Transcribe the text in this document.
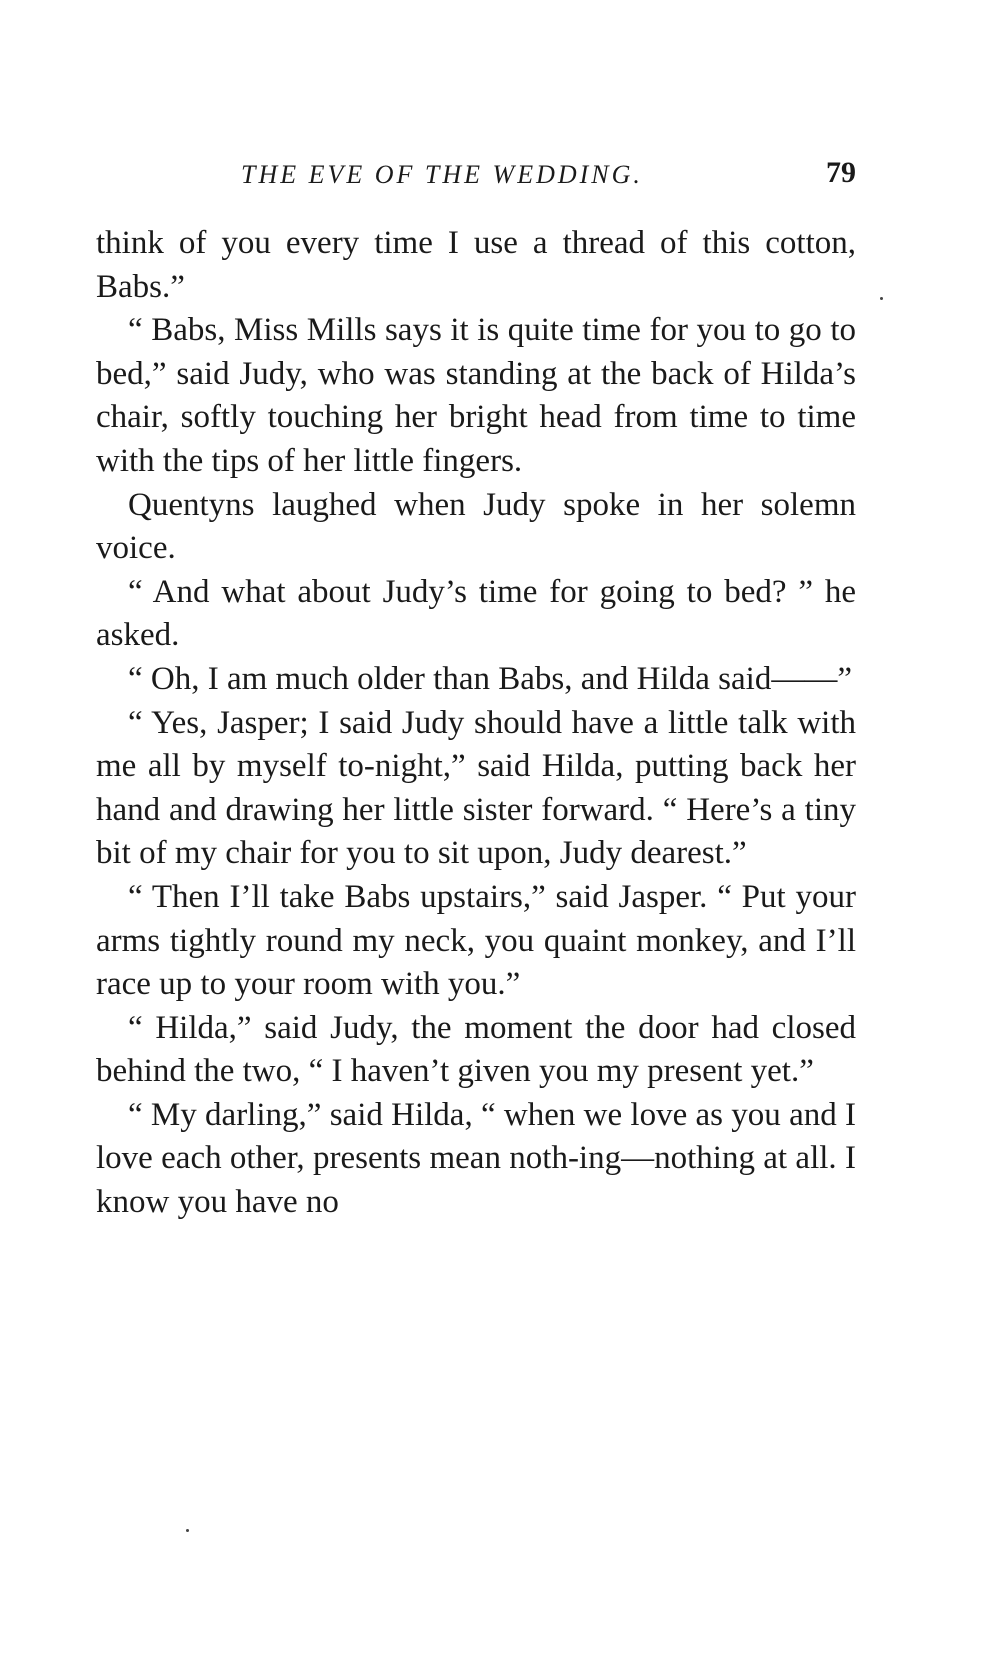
THE EVE OF THE WEDDING.	79

think of you every time I use a thread of this cotton, Babs.”

“ Babs, Miss Mills says it is quite time for you to go to bed,” said Judy, who was standing at the back of Hilda’s chair, softly touching her bright head from time to time with the tips of her little fingers.

Quentyns laughed when Judy spoke in her solemn voice.

“ And what about Judy’s time for going to bed? ” he asked.

“ Oh, I am much older than Babs, and Hilda said——”

“ Yes, Jasper; I said Judy should have a little talk with me all by myself to-night,” said Hilda, putting back her hand and drawing her little sister forward. “ Here’s a tiny bit of my chair for you to sit upon, Judy dearest.”

“ Then I’ll take Babs upstairs,” said Jasper. “ Put your arms tightly round my neck, you quaint monkey, and I’ll race up to your room with you.”

“ Hilda,” said Judy, the moment the door had closed behind the two, “ I haven’t given you my present yet.”

“ My darling,” said Hilda, “ when we love as you and I love each other, presents mean noth-ing—nothing at all. I know you have no
